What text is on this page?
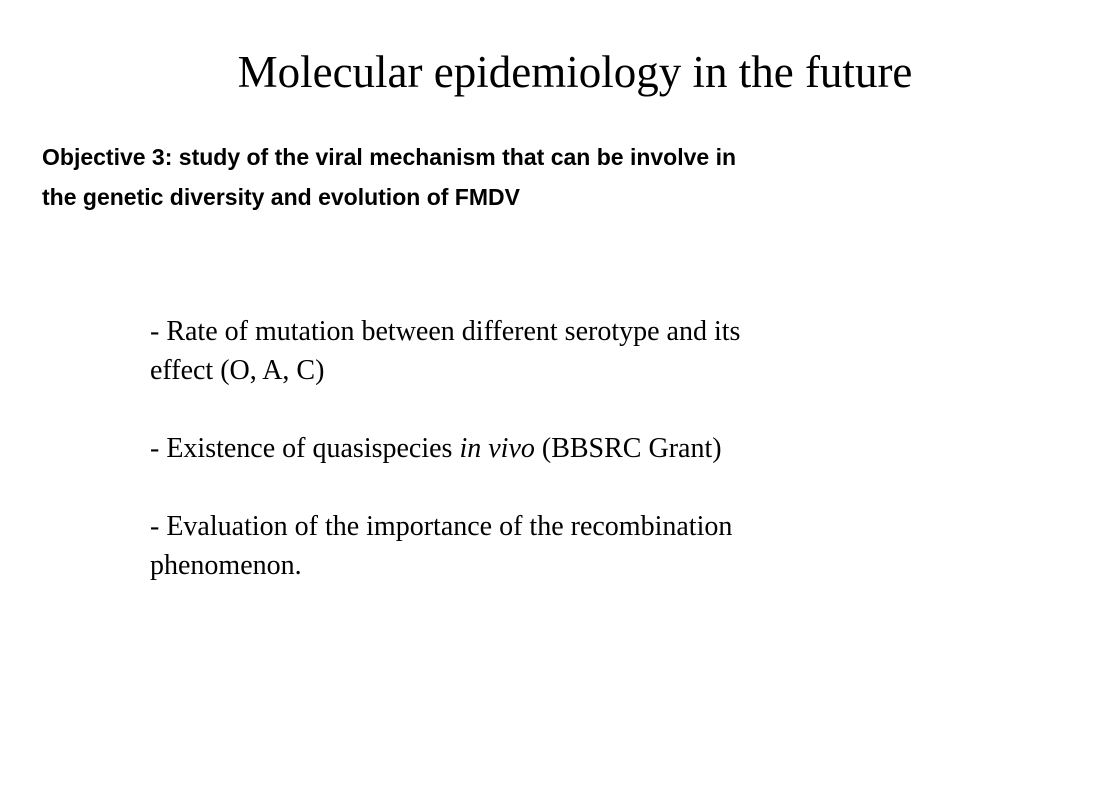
Molecular epidemiology in the future

Objective 3: study of the viral mechanism that can be involve in
the genetic diversity and evolution of FMDV

- Rate of mutation between different serotype and its
effect (O, A, C)
- Existence of quasispecies in vivo (BBSRC Grant)
- Evaluation of the importance of the recombination
phenomenon.
